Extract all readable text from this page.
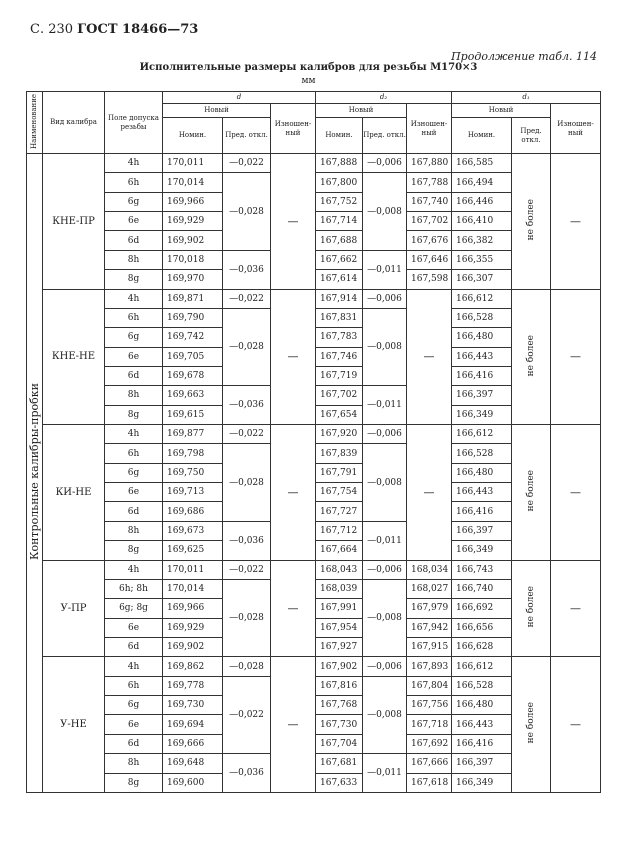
С. 230 ГОСТ 18466—73
Продолжение табл. 114
Исполнительные размеры калибров для резьбы М170×3
мм
Наименование	Вид калибра	Поле допуска резьбы	d			d₂			d₁		
			Новый		Изношен-ный	Новый		Изношен-ный	Новый		Изношен-ный
			Номин.	Пред. откл.		Номин.	Пред. откл.		Номин.	Пред. откл.	
Контрольные калибры-пробки	КНЕ-ПР	4h	170,011	—0,022	—	167,888	—0,006	167,880	166,585	не более	—
		6h	170,014	—0,028		167,800	—0,008	167,788	166,494		
		6g	169,966			167,752		167,740	166,446		
		6e	169,929			167,714		167,702	166,410		
		6d	169,902			167,688		167,676	166,382		
		8h	170,018	—0,036		167,662	—0,011	167,646	166,355		
		8g	169,970			167,614		167,598	166,307		
	КНЕ-НЕ	4h	169,871	—0,022	—	167,914	—0,006	—	166,612	не более	—
		6h	169,790	—0,028		167,831	—0,008		166,528		
		6g	169,742			167,783			166,480		
		6e	169,705			167,746			166,443		
		6d	169,678			167,719			166,416		
		8h	169,663	—0,036		167,702	—0,011		166,397		
		8g	169,615			167,654			166,349		
	КИ-НЕ	4h	169,877	—0,022	—	167,920	—0,006	—	166,612	не более	—
		6h	169,798	—0,028		167,839	—0,008		166,528		
		6g	169,750			167,791			166,480		
		6e	169,713			167,754			166,443		
		6d	169,686			167,727			166,416		
		8h	169,673	—0,036		167,712	—0,011		166,397		
		8g	169,625			167,664			166,349		
	У-ПР	4h	170,011	—0,022	—	168,043	—0,006	168,034	166,743	не более	—
		6h; 8h	170,014	—0,028		168,039	—0,008	168,027	166,740		
		6g; 8g	169,966			167,991		167,979	166,692		
		6e	169,929			167,954		167,942	166,656		
		6d	169,902			167,927		167,915	166,628		
	У-НЕ	4h	169,862	—0,028	—	167,902	—0,006	167,893	166,612	не более	—
		6h	169,778	—0,022		167,816	—0,008	167,804	166,528		
		6g	169,730			167,768		167,756	166,480		
		6e	169,694			167,730		167,718	166,443		
		6d	169,666			167,704		167,692	166,416		
		8h	169,648	—0,036		167,681	—0,011	167,666	166,397		
		8g	169,600			167,633		167,618	166,349		
